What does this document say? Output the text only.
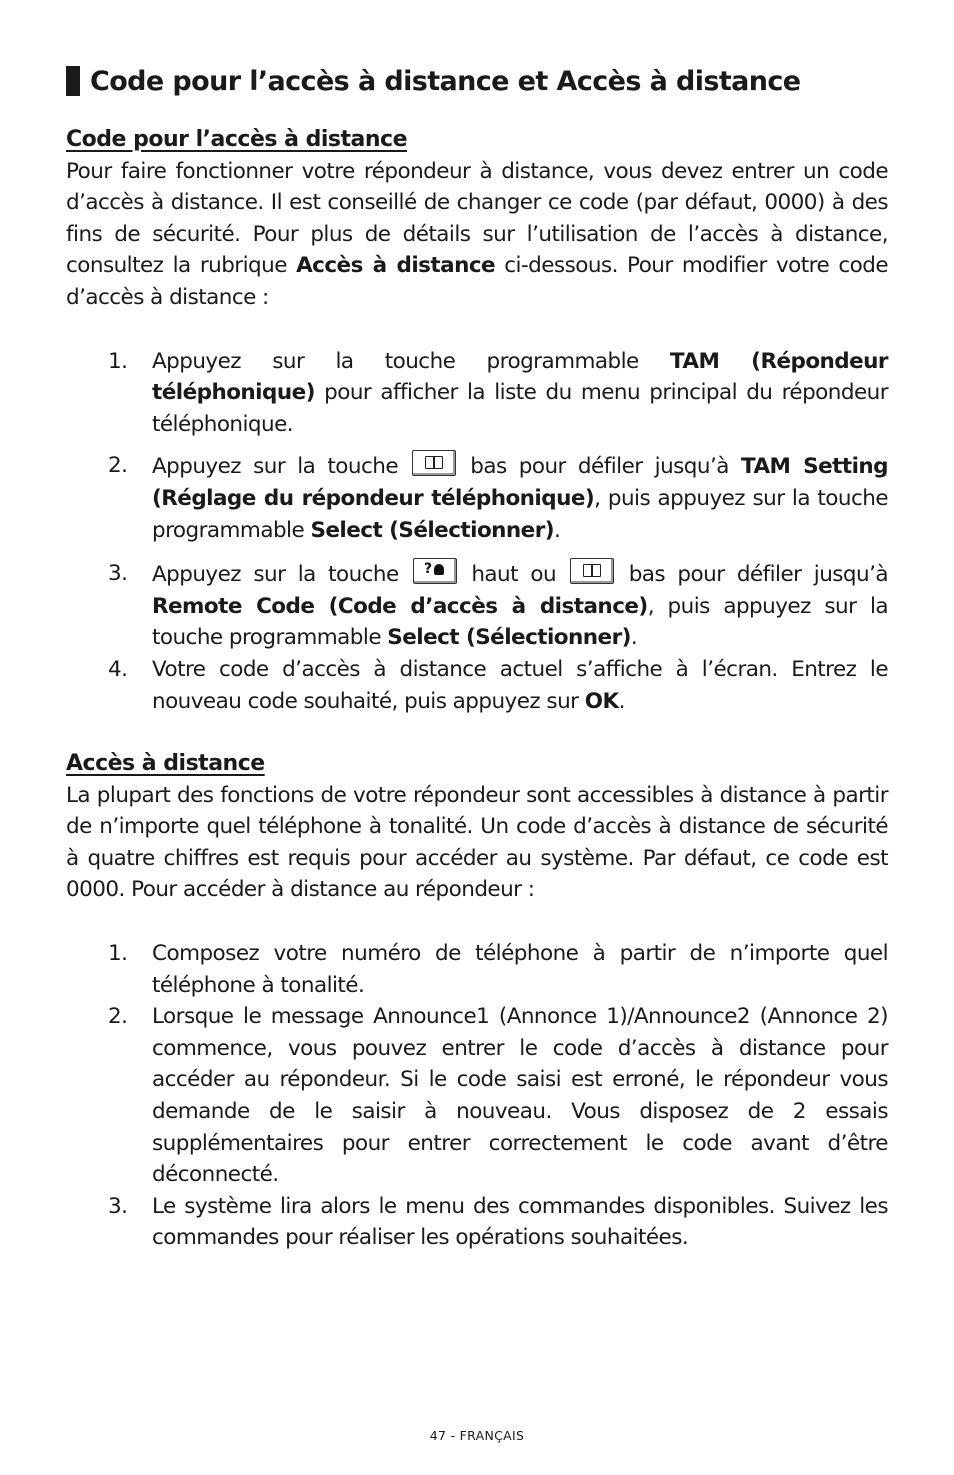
Code pour l’accès à distance et Accès à distance
Code pour l’accès à distance

Pour faire fonctionner votre répondeur à distance, vous devez entrer un code d’accès à distance. Il est conseillé de changer ce code (par défaut, 0000) à des fins de sécurité. Pour plus de détails sur l’utilisation de l’accès à distance, consultez la rubrique Accès à distance ci-dessous. Pour modifier votre code d’accès à distance :

1. Appuyez sur la touche programmable TAM (Répondeur téléphonique) pour afficher la liste du menu principal du répondeur téléphonique.
2. Appuyez sur la touche  bas pour défiler jusqu’à TAM Setting (Réglage du répondeur téléphonique), puis appuyez sur la touche programmable Select (Sélectionner).
3. Appuyez sur la touche ? haut ou  bas pour défiler jusqu’à Remote Code (Code d’accès à distance), puis appuyez sur la touche programmable Select (Sélectionner).
4. Votre code d’accès à distance actuel s’affiche à l’écran. Entrez le nouveau code souhaité, puis appuyez sur OK.
Accès à distance

La plupart des fonctions de votre répondeur sont accessibles à distance à partir de n’importe quel téléphone à tonalité. Un code d’accès à distance de sécurité à quatre chiffres est requis pour accéder au système. Par défaut, ce code est 0000. Pour accéder à distance au répondeur :

1. Composez votre numéro de téléphone à partir de n’importe quel téléphone à tonalité.
2. Lorsque le message Announce1 (Annonce 1)/Announce2 (Annonce 2) commence, vous pouvez entrer le code d’accès à distance pour accéder au répondeur. Si le code saisi est erroné, le répondeur vous demande de le saisir à nouveau. Vous disposez de 2 essais supplémentaires pour entrer correctement le code avant d’être déconnecté.
3. Le système lira alors le menu des commandes disponibles. Suivez les commandes pour réaliser les opérations souhaitées.
47 - FRANÇAIS
